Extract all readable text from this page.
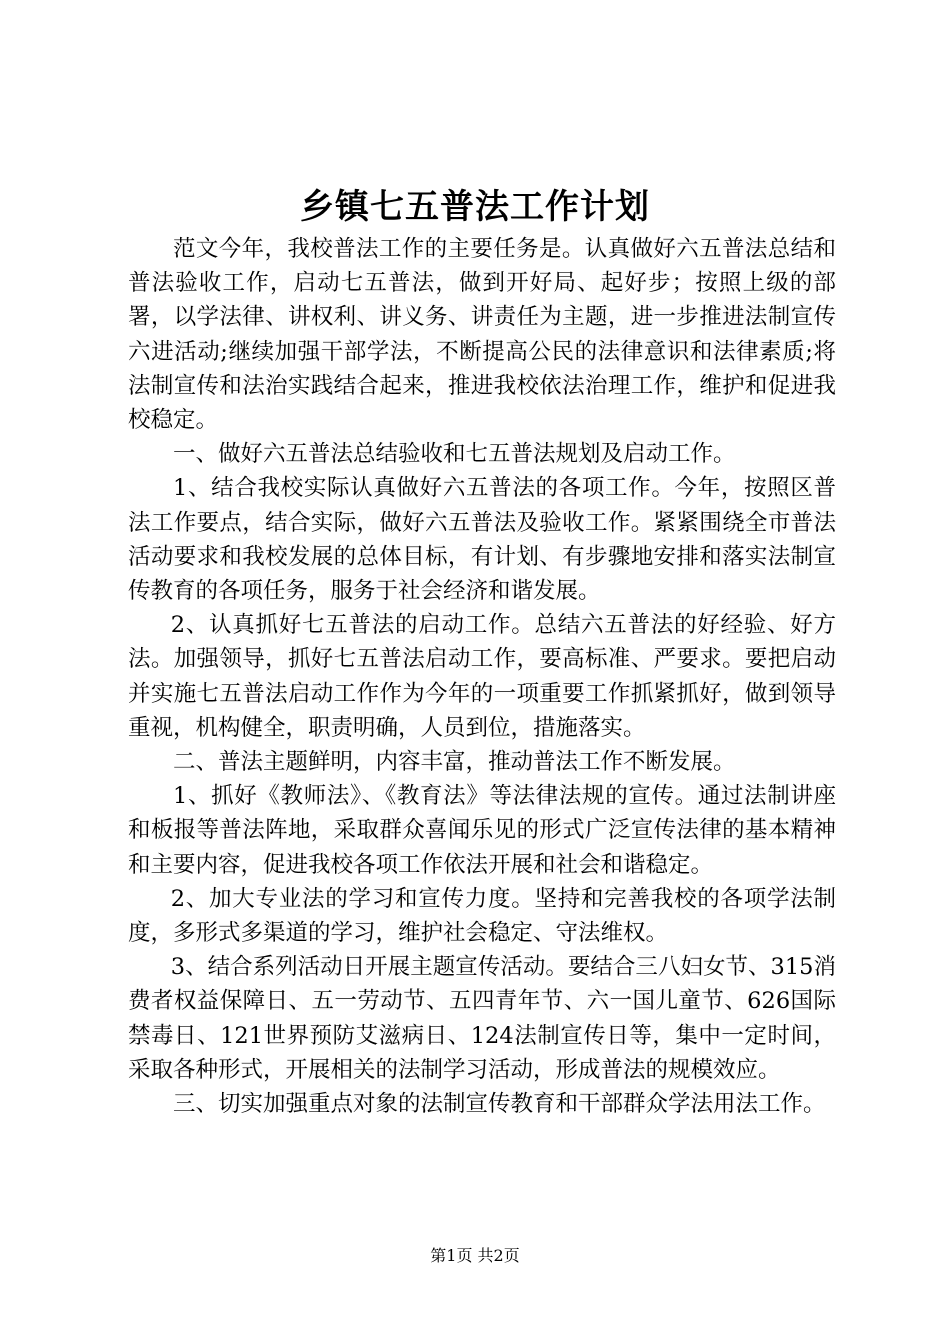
乡镇七五普法工作计划

范文今年，我校普法工作的主要任务是。认真做好六五普法总结和普法验收工作，启动七五普法，做到开好局、起好步；按照上级的部署，以学法律、讲权利、讲义务、讲责任为主题，进一步推进法制宣传六进活动;继续加强干部学法，不断提高公民的法律意识和法律素质;将法制宣传和法治实践结合起来，推进我校依法治理工作，维护和促进我校稳定。

一、做好六五普法总结验收和七五普法规划及启动工作。

1、结合我校实际认真做好六五普法的各项工作。今年，按照区普法工作要点，结合实际，做好六五普法及验收工作。紧紧围绕全市普法活动要求和我校发展的总体目标，有计划、有步骤地安排和落实法制宣传教育的各项任务，服务于社会经济和谐发展。

2、认真抓好七五普法的启动工作。总结六五普法的好经验、好方法。加强领导，抓好七五普法启动工作，要高标准、严要求。要把启动并实施七五普法启动工作作为今年的一项重要工作抓紧抓好，做到领导重视，机构健全，职责明确，人员到位，措施落实。

二、普法主题鲜明，内容丰富，推动普法工作不断发展。

1、抓好《教师法》、《教育法》等法律法规的宣传。通过法制讲座和板报等普法阵地，采取群众喜闻乐见的形式广泛宣传法律的基本精神和主要内容，促进我校各项工作依法开展和社会和谐稳定。

2、加大专业法的学习和宣传力度。坚持和完善我校的各项学法制度，多形式多渠道的学习，维护社会稳定、守法维权。

3、结合系列活动日开展主题宣传活动。要结合三八妇女节、315消费者权益保障日、五一劳动节、五四青年节、六一国儿童节、626国际禁毒日、121世界预防艾滋病日、124法制宣传日等，集中一定时间，采取各种形式，开展相关的法制学习活动，形成普法的规模效应。

三、切实加强重点对象的法制宣传教育和干部群众学法用法工作。

第1页 共2页
